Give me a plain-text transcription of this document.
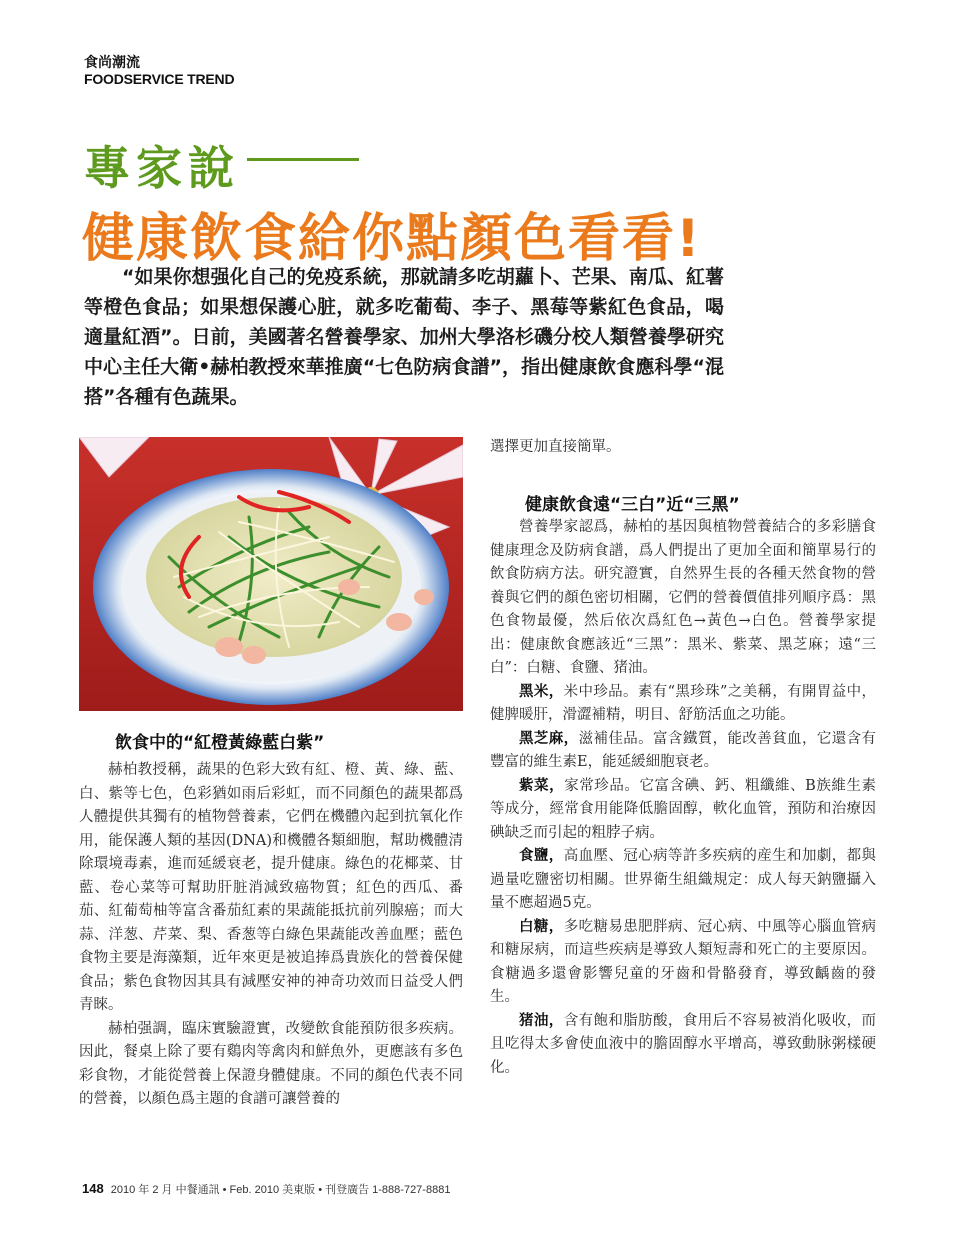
食尚潮流
FOODSERVICE TREND
專家說
健康飲食給你點顏色看看!

“如果你想强化自己的免疫系統，那就請多吃胡蘿卜、芒果、南瓜、紅薯等橙色食品；如果想保護心脏，就多吃葡萄、李子、黑莓等紫紅色食品，喝適量紅酒”。日前，美國著名營養學家、加州大學洛杉磯分校人類營養學研究中心主任大衛•赫柏教授來華推廣“七色防病食譜”，指出健康飲食應科學“混搭”各種有色蔬果。

飲食中的“紅橙黃綠藍白紫”

赫柏教授稱，蔬果的色彩大致有紅、橙、黃、綠、藍、白、紫等七色，色彩猶如雨后彩虹，而不同顏色的蔬果都爲人體提供其獨有的植物營養素，它們在機體內起到抗氧化作用，能保護人類的基因(DNA)和機體各類細胞，幫助機體清除環境毒素，進而延緩衰老，提升健康。綠色的花椰菜、甘藍、卷心菜等可幫助肝脏消減致癌物質；紅色的西瓜、番茄、紅葡萄柚等富含番茄紅素的果蔬能抵抗前列腺癌；而大蒜、洋葱、芹菜、梨、香葱等白綠色果蔬能改善血壓；藍色食物主要是海藻類，近年來更是被追捧爲貴族化的營養保健食品；紫色食物因其具有減壓安神的神奇功效而日益受人們青睞。

赫柏强調，臨床實驗證實，改變飲食能預防很多疾病。因此，餐桌上除了要有鷄肉等禽肉和鮮魚外，更應該有多色彩食物，才能從營養上保證身體健康。不同的顏色代表不同的營養，以顏色爲主題的食譜可讓營養的

選擇更加直接簡單。

健康飲食遠“三白”近“三黑”

營養學家認爲，赫柏的基因與植物營養結合的多彩膳食健康理念及防病食譜，爲人們提出了更加全面和簡單易行的飲食防病方法。研究證實，自然界生長的各種天然食物的營養與它們的顏色密切相關，它們的營養價值排列順序爲：黑色食物最優，然后依次爲紅色→黃色→白色。營養學家提出：健康飲食應該近“三黑”：黑米、紫菜、黑芝麻；遠“三白”：白糖、食鹽、猪油。

黑米，米中珍品。素有“黑珍珠”之美稱，有開胃益中，健脾暖肝，滑澀補精，明目、舒筋活血之功能。

黑芝麻，滋補佳品。富含鐵質，能改善貧血，它還含有豐富的維生素E，能延緩細胞衰老。

紫菜，家常珍品。它富含碘、鈣、粗纖維、B族維生素等成分，經常食用能降低膽固醇，軟化血管，預防和治療因碘缺乏而引起的粗脖子病。

食鹽，高血壓、冠心病等許多疾病的産生和加劇，都與過量吃鹽密切相關。世界衛生組織規定：成人每天鈉鹽攝入量不應超過5克。

白糖，多吃糖易患肥胖病、冠心病、中風等心腦血管病和糖尿病，而這些疾病是導致人類短壽和死亡的主要原因。食糖過多還會影響兒童的牙齒和骨骼發育，導致齲齒的發生。

猪油，含有飽和脂肪酸，食用后不容易被消化吸收，而且吃得太多會使血液中的膽固醇水平增高，導致動脉粥樣硬化。

148 2010 年 2 月 中餐通訊 • Feb. 2010 美東版 • 刊登廣告 1-888-727-8881
